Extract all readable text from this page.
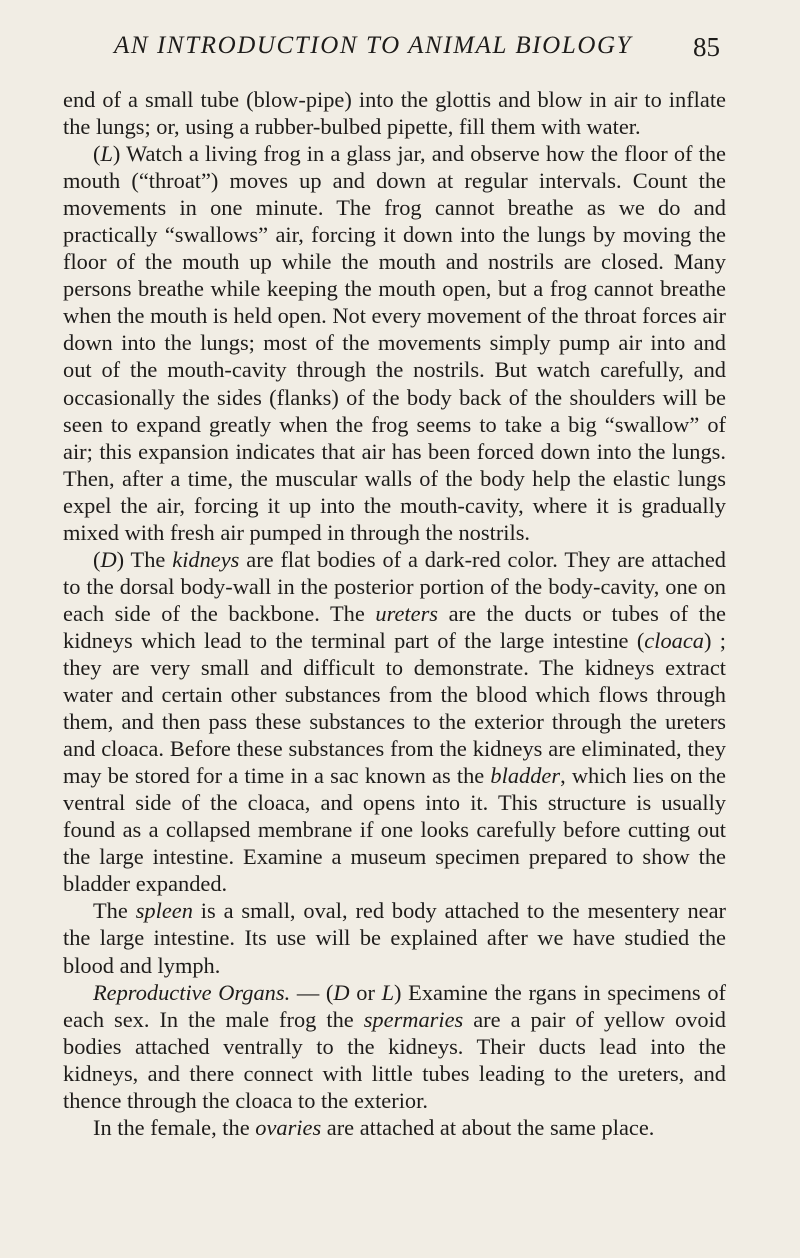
AN INTRODUCTION TO ANIMAL BIOLOGY 85

end of a small tube (blow-pipe) into the glottis and blow in air to inflate the lungs; or, using a rubber-bulbed pipette, fill them with water.

(L) Watch a living frog in a glass jar, and observe how the floor of the mouth (“throat”) moves up and down at regular intervals. Count the movements in one minute. The frog cannot breathe as we do and practically “swallows” air, forcing it down into the lungs by moving the floor of the mouth up while the mouth and nostrils are closed. Many persons breathe while keeping the mouth open, but a frog cannot breathe when the mouth is held open. Not every movement of the throat forces air down into the lungs; most of the movements simply pump air into and out of the mouth-cavity through the nostrils. But watch carefully, and occasionally the sides (flanks) of the body back of the shoulders will be seen to expand greatly when the frog seems to take a big “swallow” of air; this expansion indicates that air has been forced down into the lungs. Then, after a time, the muscular walls of the body help the elastic lungs expel the air, forcing it up into the mouth-cavity, where it is gradually mixed with fresh air pumped in through the nostrils.

(D) The kidneys are flat bodies of a dark-red color. They are attached to the dorsal body-wall in the posterior portion of the body-cavity, one on each side of the backbone. The ureters are the ducts or tubes of the kidneys which lead to the terminal part of the large intestine (cloaca) ; they are very small and difficult to demonstrate. The kidneys extract water and certain other substances from the blood which flows through them, and then pass these substances to the exterior through the ureters and cloaca. Before these substances from the kidneys are eliminated, they may be stored for a time in a sac known as the bladder, which lies on the ventral side of the cloaca, and opens into it. This structure is usually found as a collapsed membrane if one looks carefully before cutting out the large intestine. Examine a museum specimen prepared to show the bladder expanded.

The spleen is a small, oval, red body attached to the mesentery near the large intestine. Its use will be explained after we have studied the blood and lymph.

Reproductive Organs. — (D or L) Examine the rgans in specimens of each sex. In the male frog the spermaries are a pair of yellow ovoid bodies attached ventrally to the kidneys. Their ducts lead into the kidneys, and there connect with little tubes leading to the ureters, and thence through the cloaca to the exterior.

In the female, the ovaries are attached at about the same place.
